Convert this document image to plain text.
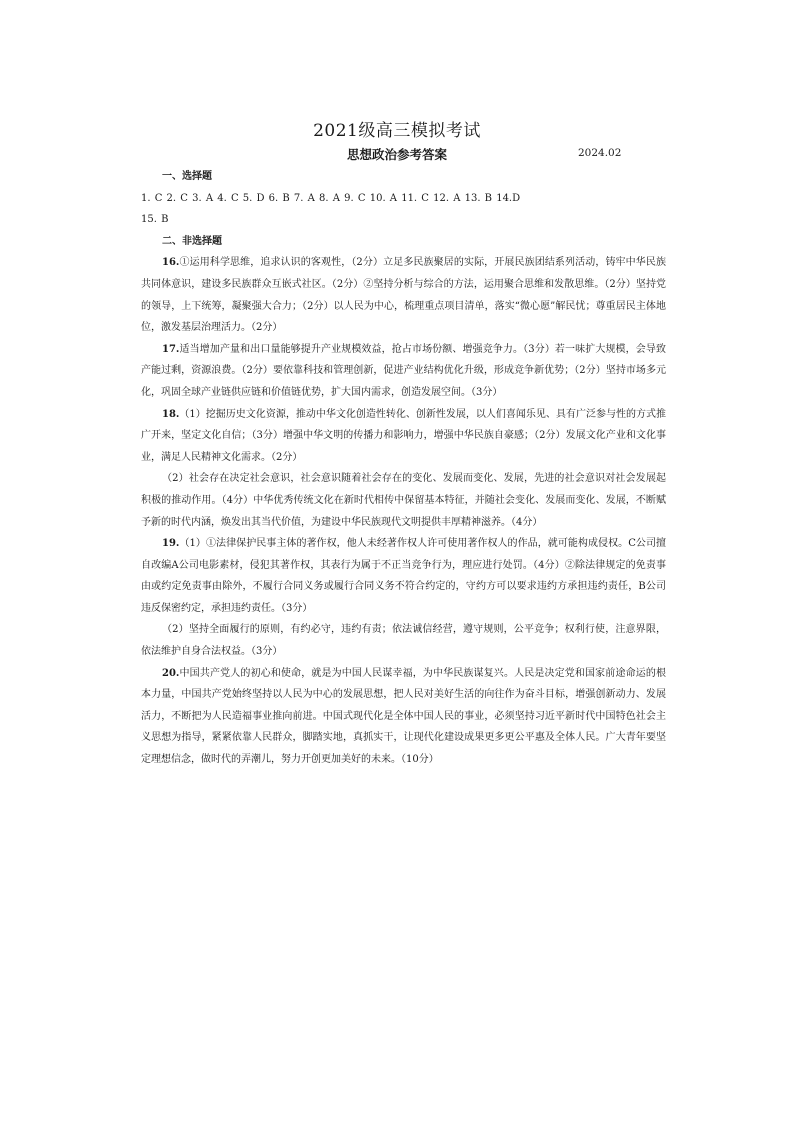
2021级高三模拟考试
思想政治参考答案	2024.02

一、选择题

1. C 2. C 3. A 4. C 5. D 6. B 7. A 8. A 9. C 10. A 11. C 12. A 13. B 14.D

15. B

二、非选择题

16.①运用科学思维，追求认识的客观性，（2分）立足多民族聚居的实际，开展民族团结系列活动，铸牢中华民族共同体意识，建设多民族群众互嵌式社区。（2分）②坚持分析与综合的方法，运用聚合思维和发散思维。（2分）坚持党的领导，上下统筹，凝聚强大合力；（2分）以人民为中心，梳理重点项目清单，落实“微心愿”解民忧；尊重居民主体地位，激发基层治理活力。（2分）

17.适当增加产量和出口量能够提升产业规模效益，抢占市场份额、增强竞争力。（3分）若一味扩大规模，会导致产能过剩，资源浪费。（2分）要依靠科技和管理创新，促进产业结构优化升级，形成竞争新优势；（2分）坚持市场多元化，巩固全球产业链供应链和价值链优势，扩大国内需求，创造发展空间。（3分）

18.（1）挖掘历史文化资源，推动中华文化创造性转化、创新性发展，以人们喜闻乐见、具有广泛参与性的方式推广开来，坚定文化自信；（3分）增强中华文明的传播力和影响力，增强中华民族自豪感；（2分）发展文化产业和文化事业，满足人民精神文化需求。（2分）

（2）社会存在决定社会意识，社会意识随着社会存在的变化、发展而变化、发展，先进的社会意识对社会发展起积极的推动作用。（4分）中华优秀传统文化在新时代相传中保留基本特征，并随社会变化、发展而变化、发展，不断赋予新的时代内涵，焕发出其当代价值，为建设中华民族现代文明提供丰厚精神滋养。（4分）

19.（1）①法律保护民事主体的著作权，他人未经著作权人许可使用著作权人的作品，就可能构成侵权。C公司擅自改编A公司电影素材，侵犯其著作权，其表行为属于不正当竞争行为，理应进行处罚。（4分）②除法律规定的免责事由或约定免责事由除外，不履行合同义务或履行合同义务不符合约定的，守约方可以要求违约方承担违约责任，B公司违反保密约定，承担违约责任。（3分）

（2）坚持全面履行的原则，有约必守，违约有责；依法诚信经营，遵守规则，公平竞争；权利行使，注意界限，依法维护自身合法权益。（3分）

20.中国共产党人的初心和使命，就是为中国人民谋幸福，为中华民族谋复兴。人民是决定党和国家前途命运的根本力量，中国共产党始终坚持以人民为中心的发展思想，把人民对美好生活的向往作为奋斗目标，增强创新动力、发展活力，不断把为人民造福事业推向前进。中国式现代化是全体中国人民的事业，必须坚持习近平新时代中国特色社会主义思想为指导，紧紧依靠人民群众，脚踏实地，真抓实干，让现代化建设成果更多更公平惠及全体人民。广大青年要坚定理想信念，做时代的弄潮儿，努力开创更加美好的未来。（10分）
